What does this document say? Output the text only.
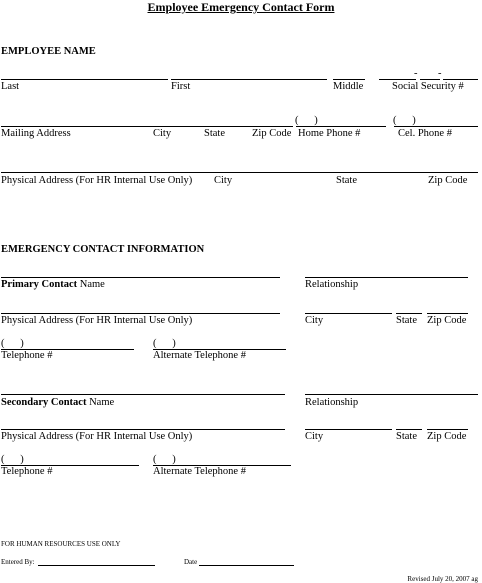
Employee Emergency Contact Form
EMPLOYEE NAME
- -
Last	First	Middle	Social Security #
(      )	(      )
Mailing Address	City	State	Zip Code Home Phone #	Cel. Phone #
Physical Address (For HR Internal Use Only) City	State	Zip Code
EMERGENCY CONTACT INFORMATION
Primary Contact Name	Relationship
Physical Address (For HR Internal Use Only)	City	State Zip Code
(      )	(      )
Telephone #	Alternate Telephone #
Secondary Contact Name	Relationship
Physical Address (For HR Internal Use Only)	City	State Zip Code
(      )	(      )
Telephone #	Alternate Telephone #
FOR HUMAN RESOURCES USE ONLY
Entered By:	Date
Revised July 20, 2007 ag
